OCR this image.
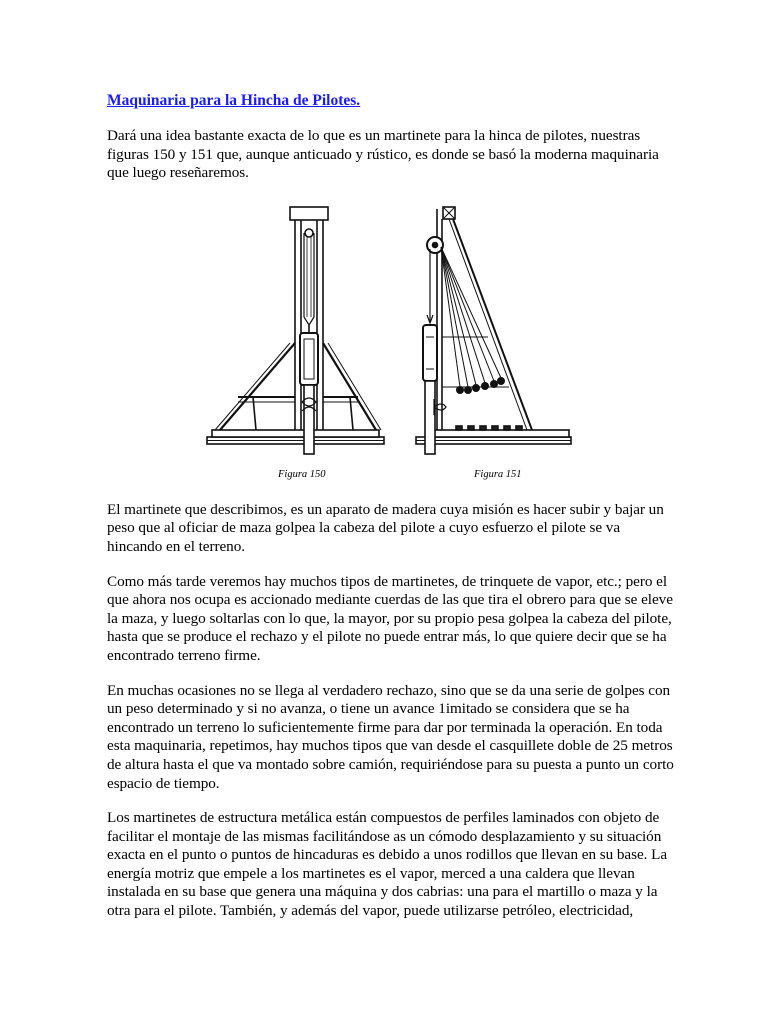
Maquinaria para la Hincha de Pilotes.

Dará una idea bastante exacta de lo que es un martinete para la hinca de pilotes, nuestras figuras 150 y 151 que, aunque anticuado y rústico, es donde se basó la moderna maquinaria que luego reseñaremos.

Figura 150	Figura 151

El martinete que describimos, es un aparato de madera cuya misión es hacer subir y bajar un peso que al oficiar de maza golpea la cabeza del pilote a cuyo esfuerzo el pilote se va hincando en el terreno.

Como más tarde veremos hay muchos tipos de martinetes, de trinquete de vapor, etc.; pero el que ahora nos ocupa es accionado mediante cuerdas de las que tira el obrero para que se eleve la maza, y luego soltarlas con lo que, la mayor, por su propio pesa golpea la cabeza del pilote, hasta que se produce el rechazo y el pilote no puede entrar más, lo que quiere decir que se ha encontrado terreno firme.

En muchas ocasiones no se llega al verdadero rechazo, sino que se da una serie de golpes con un peso determinado y si no avanza, o tiene un avance 1imitado se considera que se ha encontrado un terreno lo suficientemente firme para dar por terminada la operación. En toda esta maquinaria, repetimos, hay muchos tipos que van desde el casquillete doble de 25 metros de altura hasta el que va montado sobre camión, requiriéndose para su puesta a punto un corto espacio de tiempo.

Los martinetes de estructura metálica están compuestos de perfiles laminados con objeto de facilitar el montaje de las mismas facilitándose as un cómodo desplazamiento y su situación exacta en el punto o puntos de hincaduras es debido a unos rodillos que llevan en su base. La energía motriz que empele a los martinetes es el vapor, merced a una caldera que llevan instalada en su base que genera una máquina y dos cabrias: una para el martillo o maza y la otra para el pilote. También, y además del vapor, puede utilizarse petróleo, electricidad,
